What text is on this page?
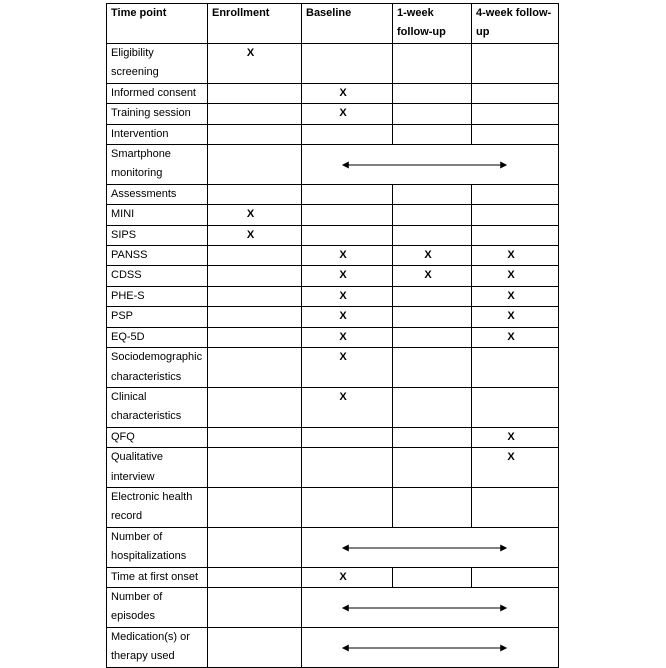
Time point	Enrollment	Baseline	1-week follow-up	4-week follow-up
Eligibility screening	X			
Informed consent		X		
Training session		X		
Intervention				
Smartphone monitoring		

Assessments				
MINI	X			
SIPS	X			
PANSS		X	X	X
CDSS		X	X	X
PHE-S		X		X
PSP		X		X
EQ-5D		X		X
Sociodemographic characteristics		X		
Clinical characteristics		X		
QFQ				X
Qualitative interview				X
Electronic health record				
Number of hospitalizations		

Time at first onset		X		
Number of episodes		

Medication(s) or therapy used		
